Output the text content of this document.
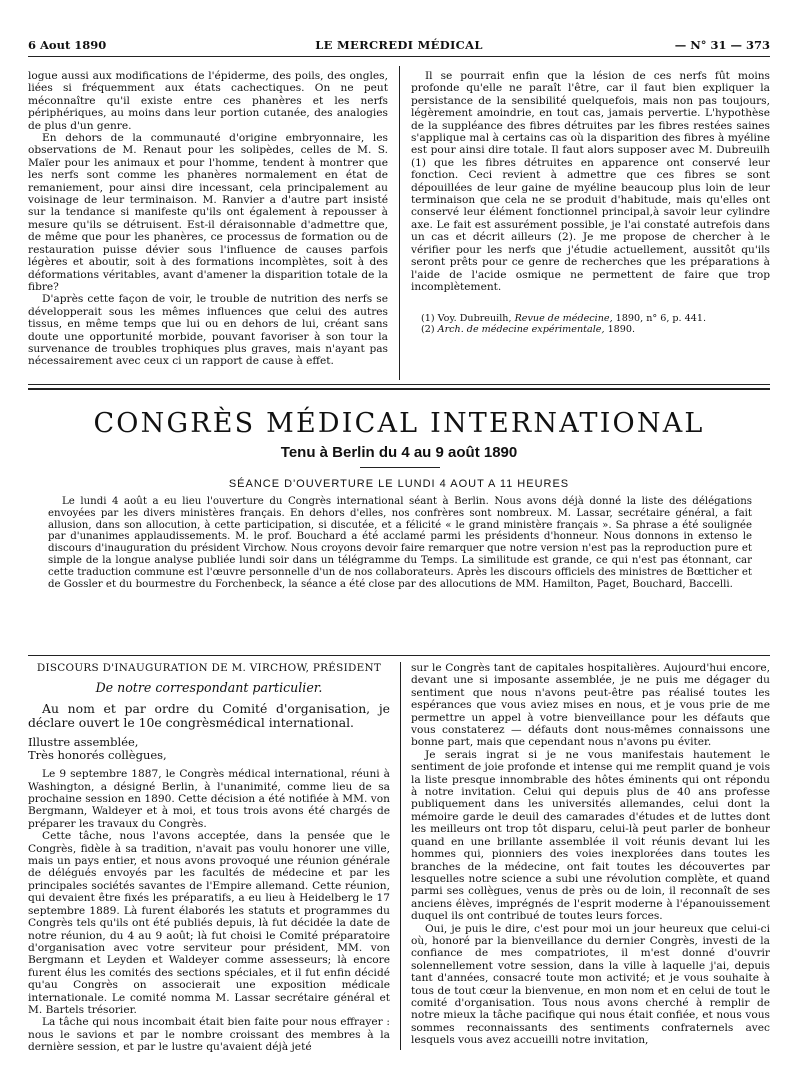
6 Aout 1890	LE MERCREDI MÉDICAL	— N° 31 — 373

logue aussi aux modifications de l'épiderme, des poils, des ongles, liées si fréquemment aux états cachectiques. On ne peut méconnaître qu'il existe entre ces phanères et les nerfs périphériques, au moins dans leur portion cutanée, des analogies de plus d'un genre.

En dehors de la communauté d'origine embryonnaire, les observations de M. Renaut pour les solipèdes, celles de M. S. Maïer pour les animaux et pour l'homme, tendent à montrer que les nerfs sont comme les phanères normalement en état de remaniement, pour ainsi dire incessant, cela principalement au voisinage de leur terminaison. M. Ranvier a d'autre part insisté sur la tendance si manifeste qu'ils ont également à repousser à mesure qu'ils se détruisent. Est-il déraisonnable d'admettre que, de même que pour les phanères, ce processus de formation ou de restauration puisse dévier sous l'influence de causes parfois légères et aboutir, soit à des formations incomplètes, soit à des déformations véritables, avant d'amener la disparition totale de la fibre?

D'après cette façon de voir, le trouble de nutrition des nerfs se développerait sous les mêmes influences que celui des autres tissus, en même temps que lui ou en dehors de lui, créant sans doute une opportunité morbide, pouvant favoriser à son tour la survenance de troubles trophiques plus graves, mais n'ayant pas nécessairement avec ceux ci un rapport de cause à effet.

Il se pourrait enfin que la lésion de ces nerfs fût moins profonde qu'elle ne paraît l'être, car il faut bien expliquer la persistance de la sensibilité quelquefois, mais non pas toujours, légèrement amoindrie, en tout cas, jamais pervertie. L'hypothèse de la suppléance des fibres détruites par les fibres restées saines s'applique mal à certains cas où la disparition des fibres à myéline est pour ainsi dire totale. Il faut alors supposer avec M. Dubreuilh (1) que les fibres détruites en apparence ont conservé leur fonction. Ceci revient à admettre que ces fibres se sont dépouillées de leur gaine de myéline beaucoup plus loin de leur terminaison que cela ne se produit d'habitude, mais qu'elles ont conservé leur élément fonctionnel principal,à savoir leur cylindre axe. Le fait est assurément possible, je l'ai constaté autrefois dans un cas et décrit ailleurs (2). Je me propose de chercher à le vérifier pour les nerfs que j'étudie actuellement, aussitôt qu'ils seront prêts pour ce genre de recherches que les préparations à l'aide de l'acide osmique ne permettent de faire que trop incomplètement.

(1) Voy. Dubreuilh, Revue de médecine, 1890, n° 6, p. 441.

(2) Arch. de médecine expérimentale, 1890.

CONGRÈS MÉDICAL INTERNATIONAL
Tenu à Berlin du 4 au 9 août 1890
SÉANCE D'OUVERTURE LE LUNDI 4 AOUT A 11 HEURES

Le lundi 4 août a eu lieu l'ouverture du Congrès international séant à Berlin. Nous avons déjà donné la liste des délégations envoyées par les divers ministères français. En dehors d'elles, nos confrères sont nombreux. M. Lassar, secrétaire général, a fait allusion, dans son allocution, à cette participation, si discutée, et a félicité « le grand ministère français ». Sa phrase a été soulignée par d'unanimes applaudissements. M. le prof. Bouchard a été acclamé parmi les présidents d'honneur. Nous donnons in extenso le discours d'inauguration du président Virchow. Nous croyons devoir faire remarquer que notre version n'est pas la reproduction pure et simple de la longue analyse publiée lundi soir dans un télégramme du Temps. La similitude est grande, ce qui n'est pas étonnant, car cette traduction commune est l'œuvre personnelle d'un de nos collaborateurs. Après les discours officiels des ministres de Bœtticher et de Gossler et du bourmestre du Forchenbeck, la séance a été close par des allocutions de MM. Hamilton, Paget, Bouchard, Baccelli.

DISCOURS D'INAUGURATION DE M. VIRCHOW, PRÉSIDENT
De notre correspondant particulier.

Au nom et par ordre du Comité d'organisation, je déclare ouvert le 10e congrèsmédical international.

Illustre assemblée,

Très honorés collègues,

Le 9 septembre 1887, le Congrès médical international, réuni à Washington, a désigné Berlin, à l'unanimité, comme lieu de sa prochaine session en 1890. Cette décision a été notifiée à MM. von Bergmann, Waldeyer et à moi, et tous trois avons été chargés de préparer les travaux du Congrès.

Cette tâche, nous l'avons acceptée, dans la pensée que le Congrès, fidèle à sa tradition, n'avait pas voulu honorer une ville, mais un pays entier, et nous avons provoqué une réunion générale de délégués envoyés par les facultés de médecine et par les principales sociétés savantes de l'Empire allemand. Cette réunion, qui devaient être fixés les préparatifs, a eu lieu à Heidelberg le 17 septembre 1889. Là furent élaborés les statuts et programmes du Congrès tels qu'ils ont été publiés depuis, là fut décidée la date de notre réunion, du 4 au 9 août; là fut choisi le Comité préparatoire d'organisation avec votre serviteur pour président, MM. von Bergmann et Leyden et Waldeyer comme assesseurs; là encore furent élus les comités des sections spéciales, et il fut enfin décidé qu'au Congrès on associerait une exposition médicale internationale. Le comité nomma M. Lassar secrétaire général et M. Bartels trésorier.

La tâche qui nous incombait était bien faite pour nous effrayer : nous le savions et par le nombre croissant des membres à la dernière session, et par le lustre qu'avaient déjà jeté

sur le Congrès tant de capitales hospitalières. Aujourd'hui encore, devant une si imposante assemblée, je ne puis me dégager du sentiment que nous n'avons peut-être pas réalisé toutes les espérances que vous aviez mises en nous, et je vous prie de me permettre un appel à votre bienveillance pour les défauts que vous constaterez — défauts dont nous-mêmes connaissons une bonne part, mais que cependant nous n'avons pu éviter.

Je serais ingrat si je ne vous manifestais hautement le sentiment de joie profonde et intense qui me remplit quand je vois la liste presque innombrable des hôtes éminents qui ont répondu à notre invitation. Celui qui depuis plus de 40 ans professe publiquement dans les universités allemandes, celui dont la mémoire garde le deuil des camarades d'études et de luttes dont les meilleurs ont trop tôt disparu, celui-là peut parler de bonheur quand en une brillante assemblée il voit réunis devant lui les hommes qui, pionniers des voies inexplorées dans toutes les branches de la médecine, ont fait toutes les découvertes par lesquelles notre science a subi une révolution complète, et quand parmi ses collègues, venus de près ou de loin, il reconnaît de ses anciens élèves, imprégnés de l'esprit moderne à l'épanouissement duquel ils ont contribué de toutes leurs forces.

Oui, je puis le dire, c'est pour moi un jour heureux que celui-ci où, honoré par la bienveillance du dernier Congrès, investi de la confiance de mes compatriotes, il m'est donné d'ouvrir solennellement votre session, dans la ville à laquelle j'ai, depuis tant d'années, consacré toute mon activité; et je vous souhaite à tous de tout cœur la bienvenue, en mon nom et en celui de tout le comité d'organisation. Tous nous avons cherché à remplir de notre mieux la tâche pacifique qui nous était confiée, et nous vous sommes reconnaissants des sentiments confraternels avec lesquels vous avez accueilli notre invitation,
